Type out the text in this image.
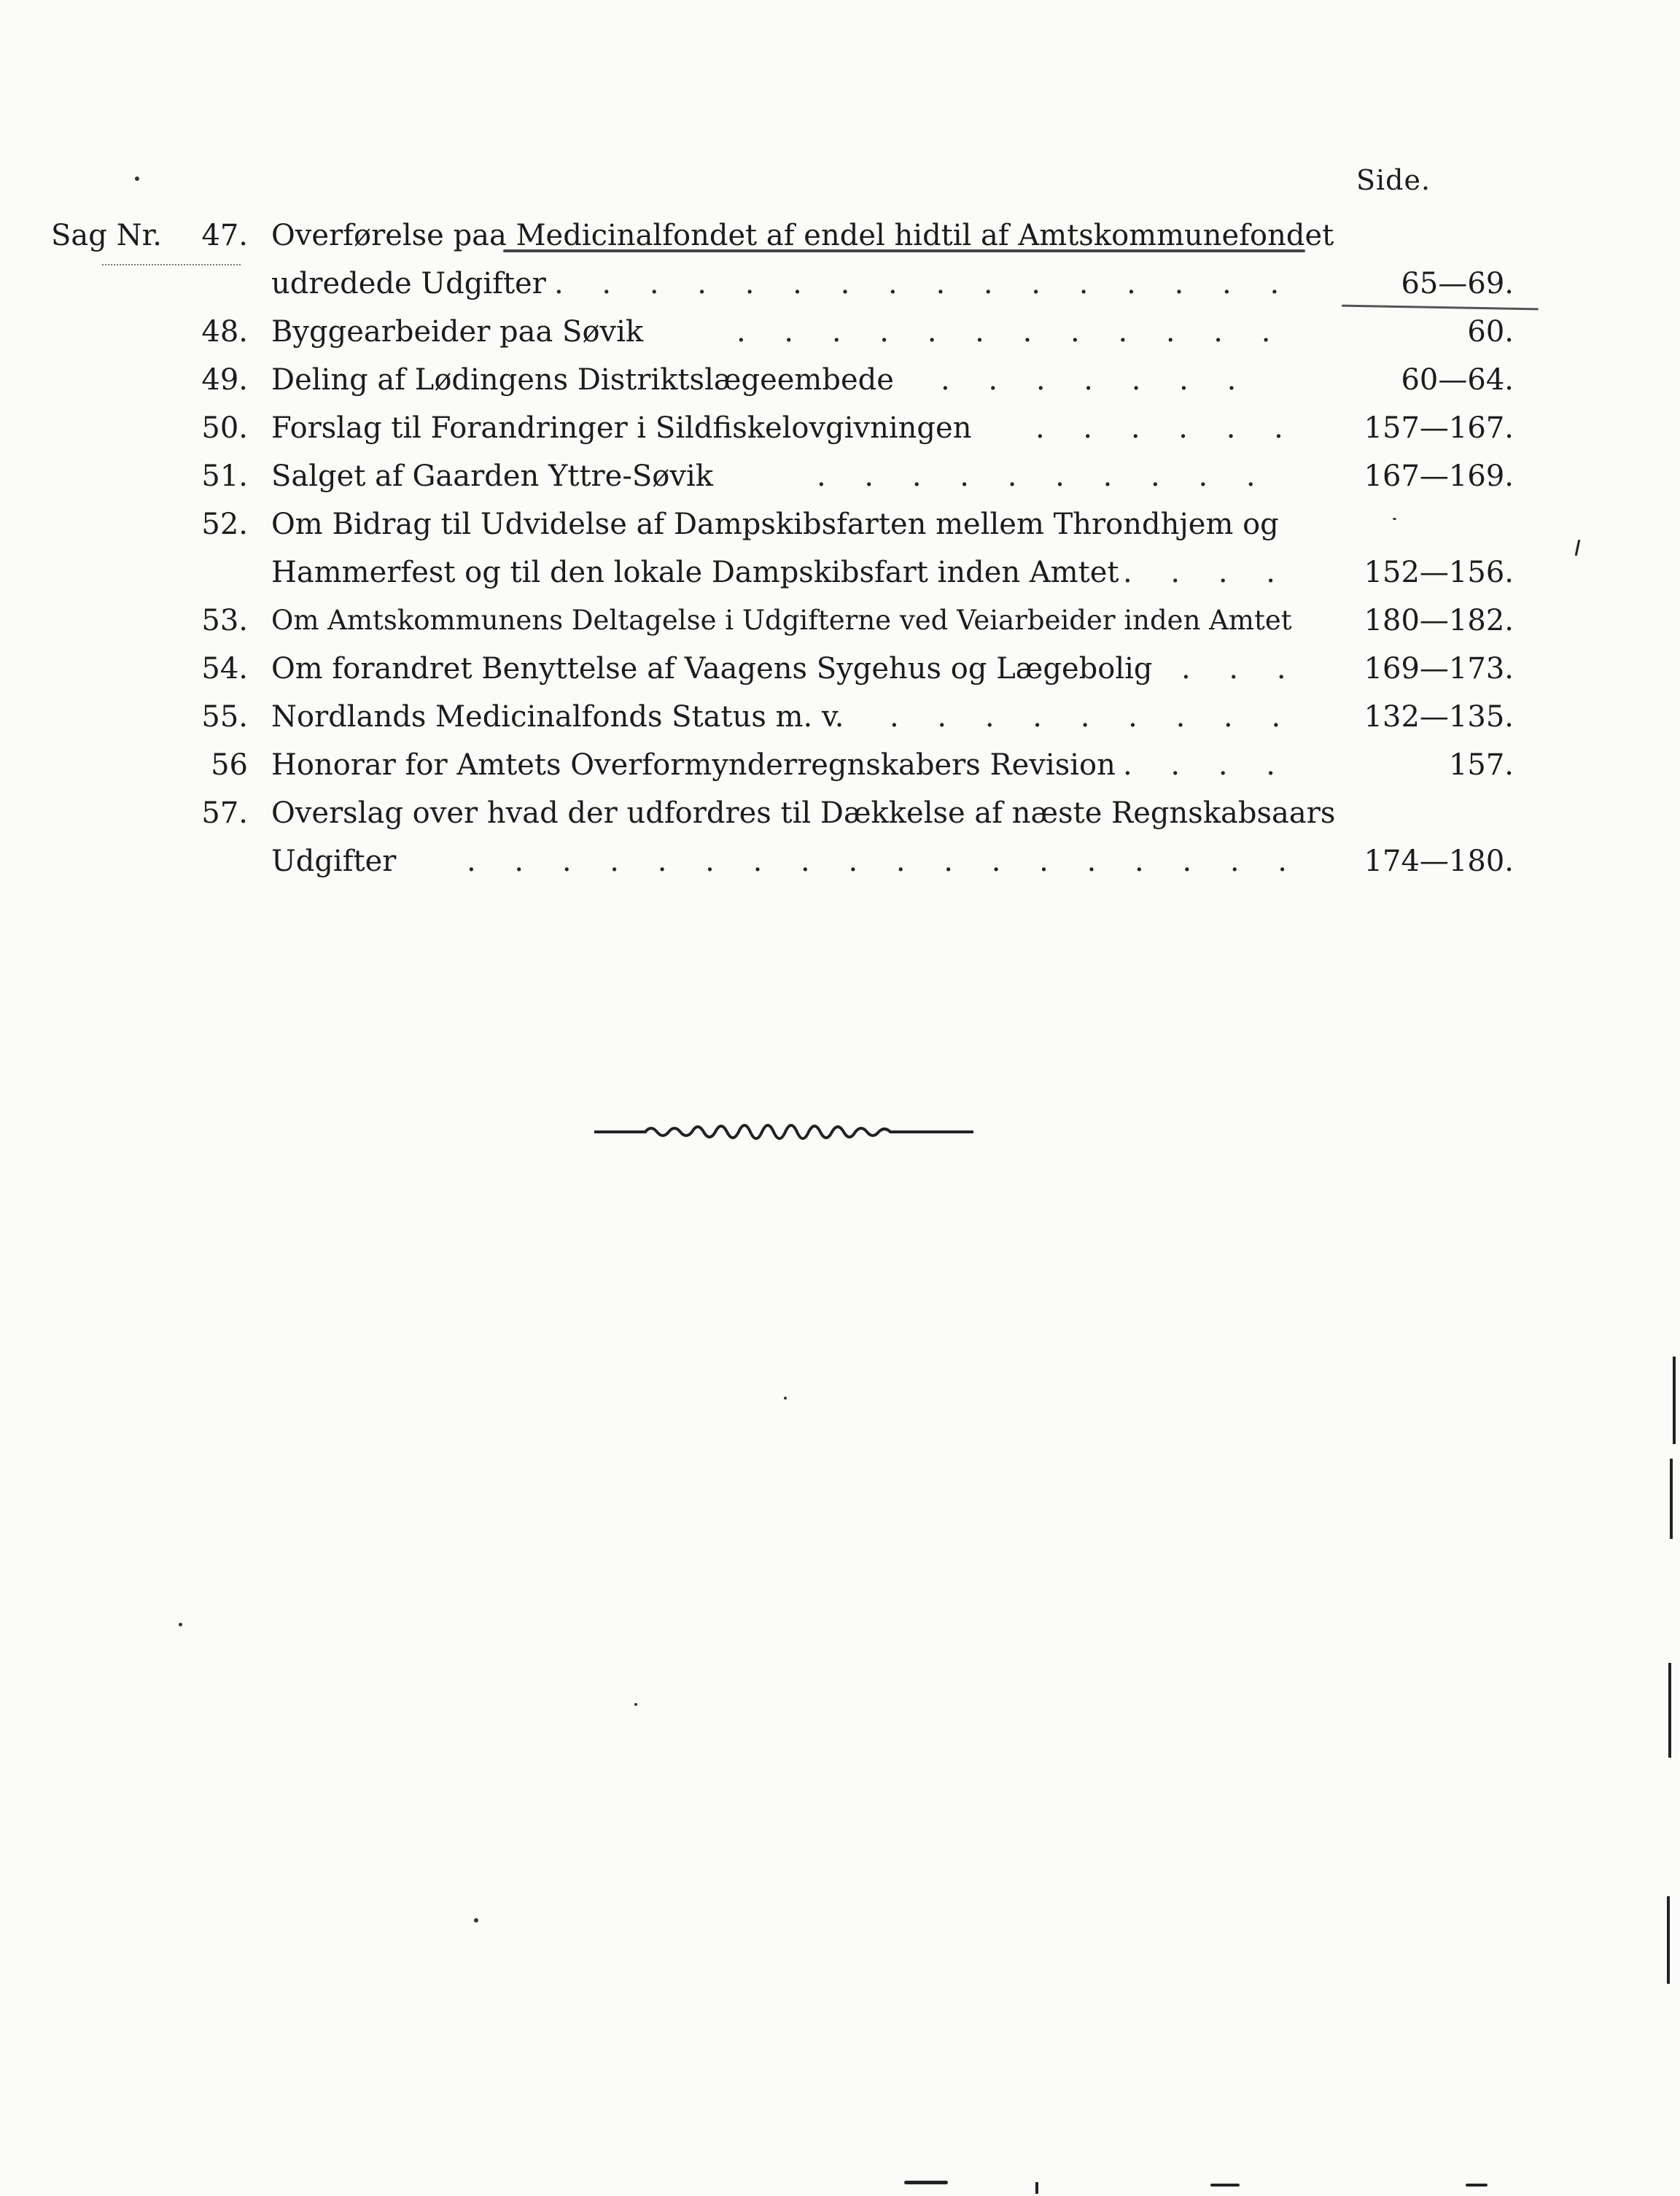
Side.
Sag Nr.	47. Overførelse paa Medicinalfondet af endel hidtil af Amtskommunefondet
udredede Udgifter . . . . . . . . . . . . . . . .	65—69.
48. Byggearbeider paa Søvik	. . . . . . . . . . . .	60.
49. Deling af Lødingens Distriktslægeembede . . . . . . .	60—64.
50. Forslag til Forandringer i Sildfiskelovgivningen . . . . . . 157—167.
51. Salget af Gaarden Yttre-Søvik	. . . . . . . . . .	167—169.
52. Om Bidrag til Udvidelse af Dampskibsfarten mellem Throndhjem og
Hammerfest og til den lokale Dampskibsfart inden Amtet . . . .	152—156.
53. Om Amtskommunens Deltagelse i Udgifterne ved Veiarbeider inden Amtet 180—182.
54. Om forandret Benyttelse af Vaagens Sygehus og Lægebolig . . . 169—173.
55. Nordlands Medicinalfonds Status m. v. . . . . . . . . . 132—135.
56 Honorar for Amtets Overformynderregnskabers Revision . . . .	157.
57. Overslag over hvad der udfordres til Dækkelse af næste Regnskabsaars
Udgifter . . . . . . . . . . . . . . . . . . 174—180.
